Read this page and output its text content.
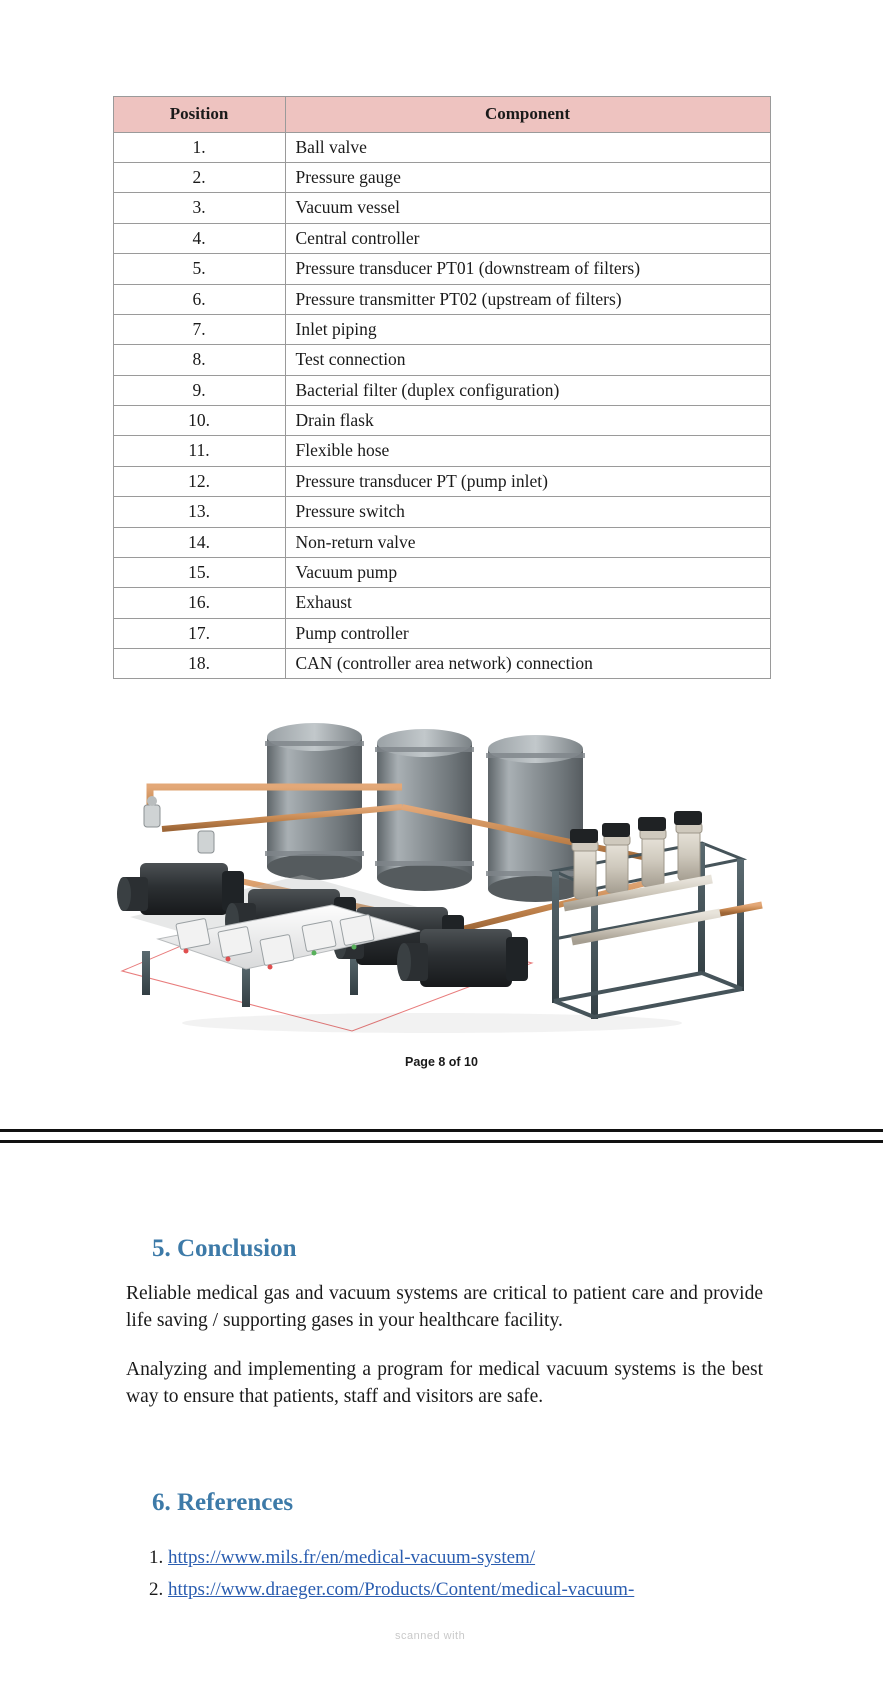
Position	Component
1.	Ball valve
2.	Pressure gauge
3.	Vacuum vessel
4.	Central controller
5.	Pressure transducer PT01 (downstream of filters)
6.	Pressure transmitter PT02 (upstream of filters)
7.	Inlet piping
8.	Test connection
9.	Bacterial filter (duplex configuration)
10.	Drain flask
11.	Flexible hose
12.	Pressure transducer PT (pump inlet)
13.	Pressure switch
14.	Non-return valve
15.	Vacuum pump
16.	Exhaust
17.	Pump controller
18.	CAN (controller area network) connection
Page 8 of 10
5. Conclusion

Reliable medical gas and vacuum systems are critical to patient care and provide life saving / supporting gases in your healthcare facility.

Analyzing and implementing a program for medical vacuum systems is the best way to ensure that patients, staff and visitors are safe.

6. References
1. https://www.mils.fr/en/medical-vacuum-system/
2. https://www.draeger.com/Products/Content/medical-vacuum-
scanned with
